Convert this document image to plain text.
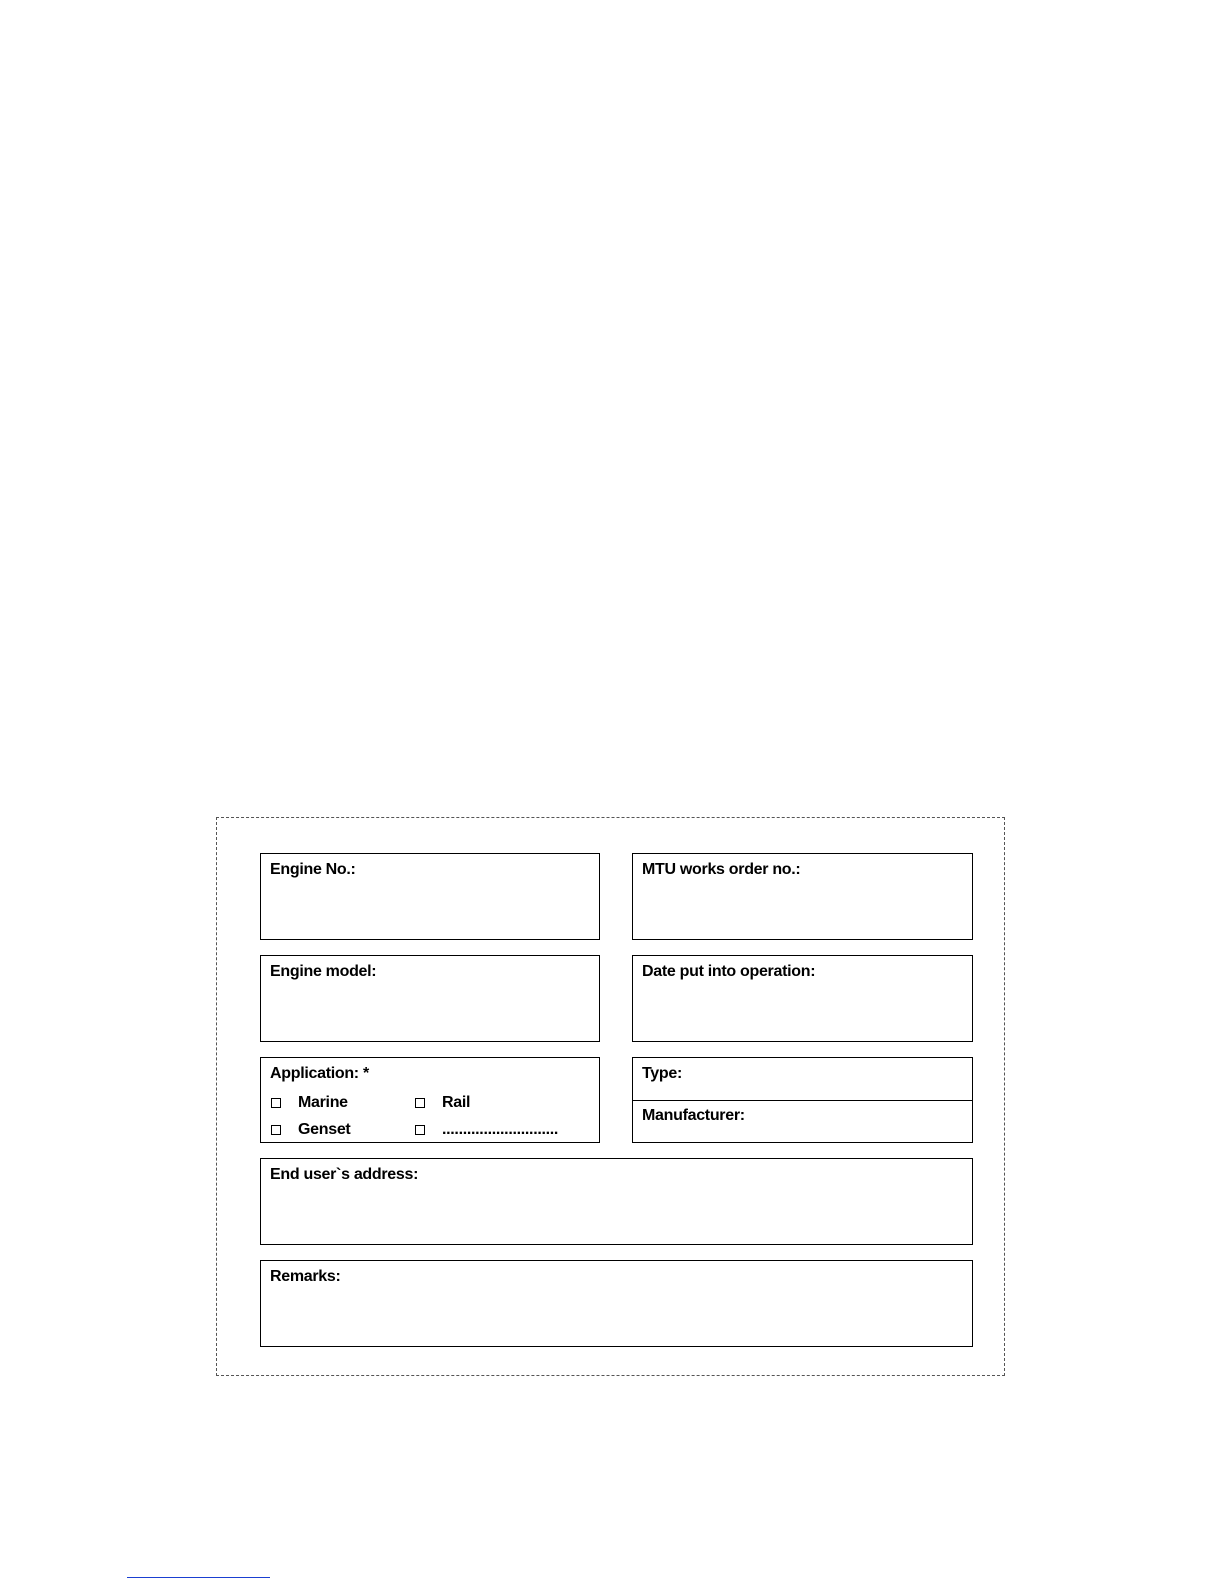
Engine No.:	MTU works order no.:
Engine model:	Date put into operation:
Application: *
Marine	Rail
Genset	............................
Type:
Manufacturer:
End user`s address:
Remarks:
